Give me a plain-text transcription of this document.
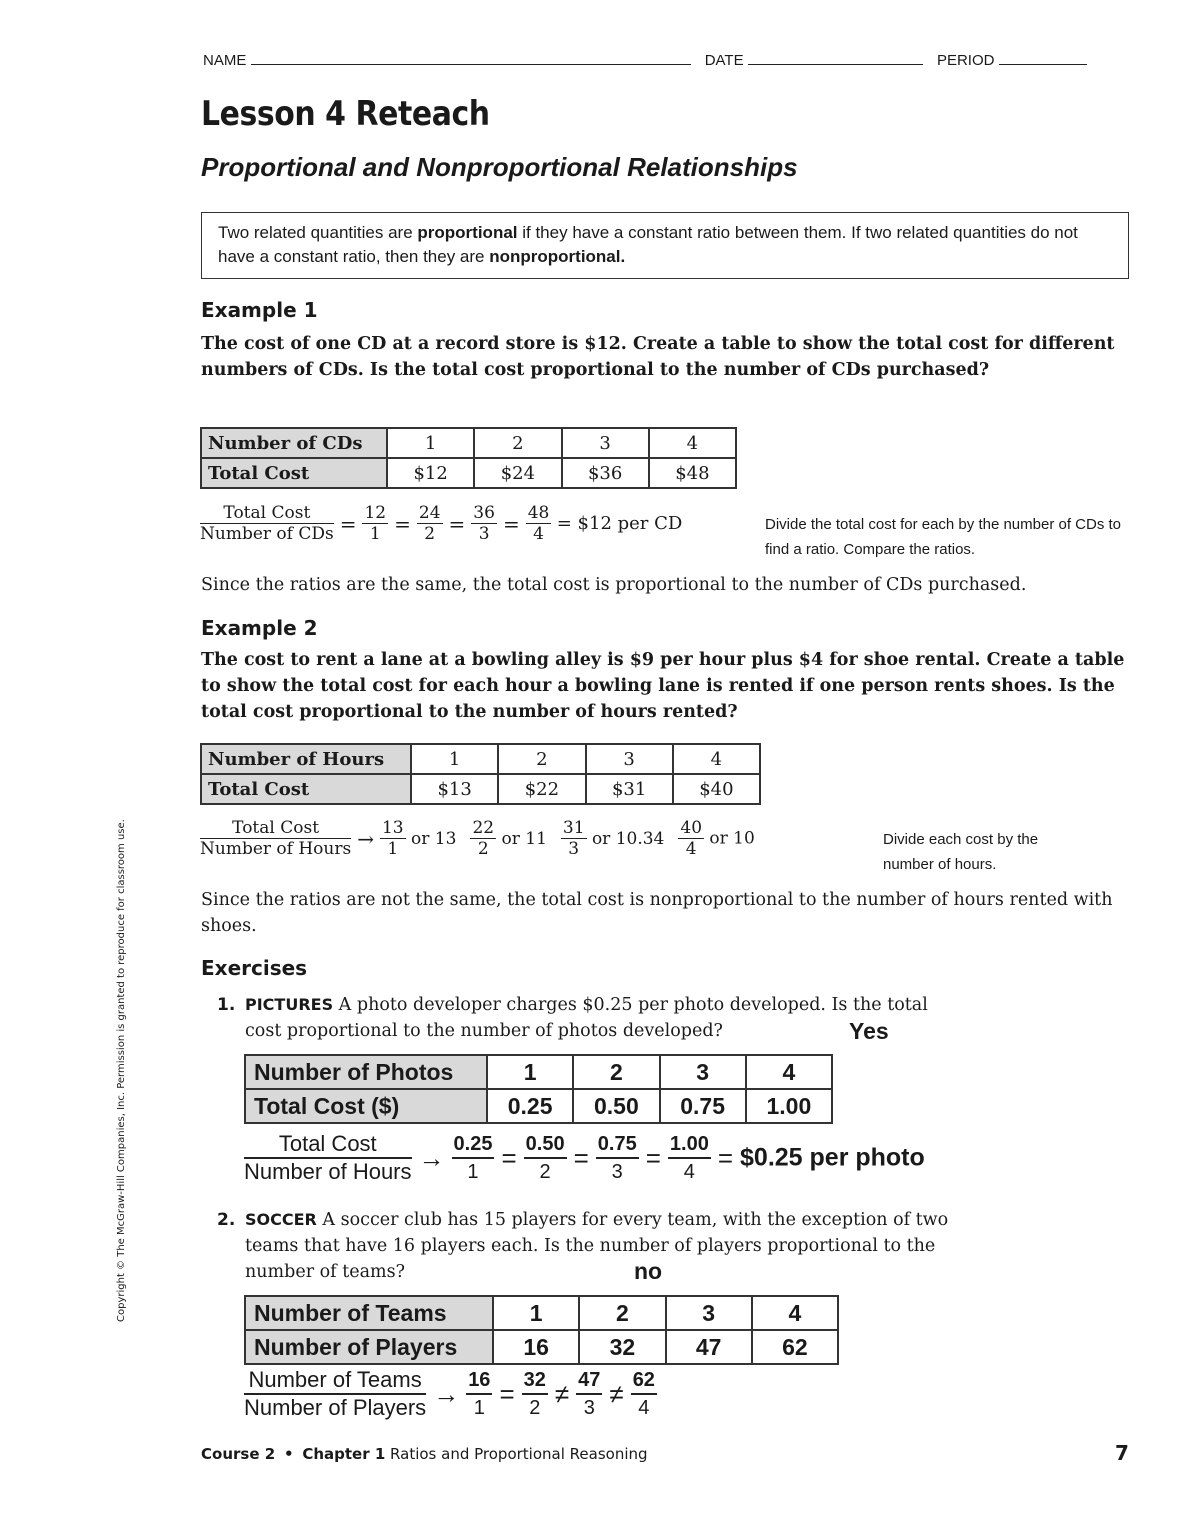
NAME	DATE	PERIOD
Lesson 4 Reteach
Proportional and Nonproportional Relationships
Two related quantities are proportional if they have a constant ratio between them. If two related quantities do not have a constant ratio, then they are nonproportional.
Example 1
The cost of one CD at a record store is $12. Create a table to show the total cost for different numbers of CDs. Is the total cost proportional to the number of CDs purchased?
Number of CDs	1	2	3	4
Total Cost	$12	$24	$36	$48
$\frac{\text{Total Cost}}{\text{Number of CDs}} = \frac{12}{1} = \frac{24}{2} = \frac{36}{3} = \frac{48}{4}$ = $12 per CD	Divide the total cost for each by the number of CDs to find a ratio. Compare the ratios.
Since the ratios are the same, the total cost is proportional to the number of CDs purchased.
Example 2
The cost to rent a lane at a bowling alley is $9 per hour plus $4 for shoe rental. Create a table to show the total cost for each hour a bowling lane is rented if one person rents shoes. Is the total cost proportional to the number of hours rented?
Number of Hours	1	2	3	4
Total Cost	$13	$22	$31	$40
$\frac{\text{Total Cost}}{\text{Number of Hours}} \to \frac{13}{1}$ or $13 \frac{22}{2}$ or $11 \frac{31}{3}$ or $10.34 \frac{40}{4}$ or 10	Divide each cost by the number of hours.
Since the ratios are not the same, the total cost is nonproportional to the number of hours rented with shoes.
Exercises
1. PICTURES A photo developer charges $0.25 per photo developed. Is the total cost proportional to the number of photos developed?	Yes
Number of Photos	1	2	3	4
Total Cost ($)	0.25	0.50	0.75	1.00
$\frac{\text{Total Cost}}{\text{Number of Hours}} \to \frac{0.25}{1} = \frac{0.50}{2} = \frac{0.75}{3} = \frac{1.00}{4}$ = $0.25 per photo
2. SOCCER A soccer club has 15 players for every team, with the exception of two teams that have 16 players each. Is the number of players proportional to the number of teams?	no
Number of Teams	1	2	3	4
Number of Players	16	32	47	62
$\frac{\text{Number of Teams}}{\text{Number of Players}} \to \frac{16}{1} = \frac{32}{2} \ne \frac{47}{3} \ne \frac{62}{4}$
Course 2 • Chapter 1 Ratios and Proportional Reasoning	7
Copyright © The McGraw-Hill Companies, Inc. Permission is granted to reproduce for classroom use.
